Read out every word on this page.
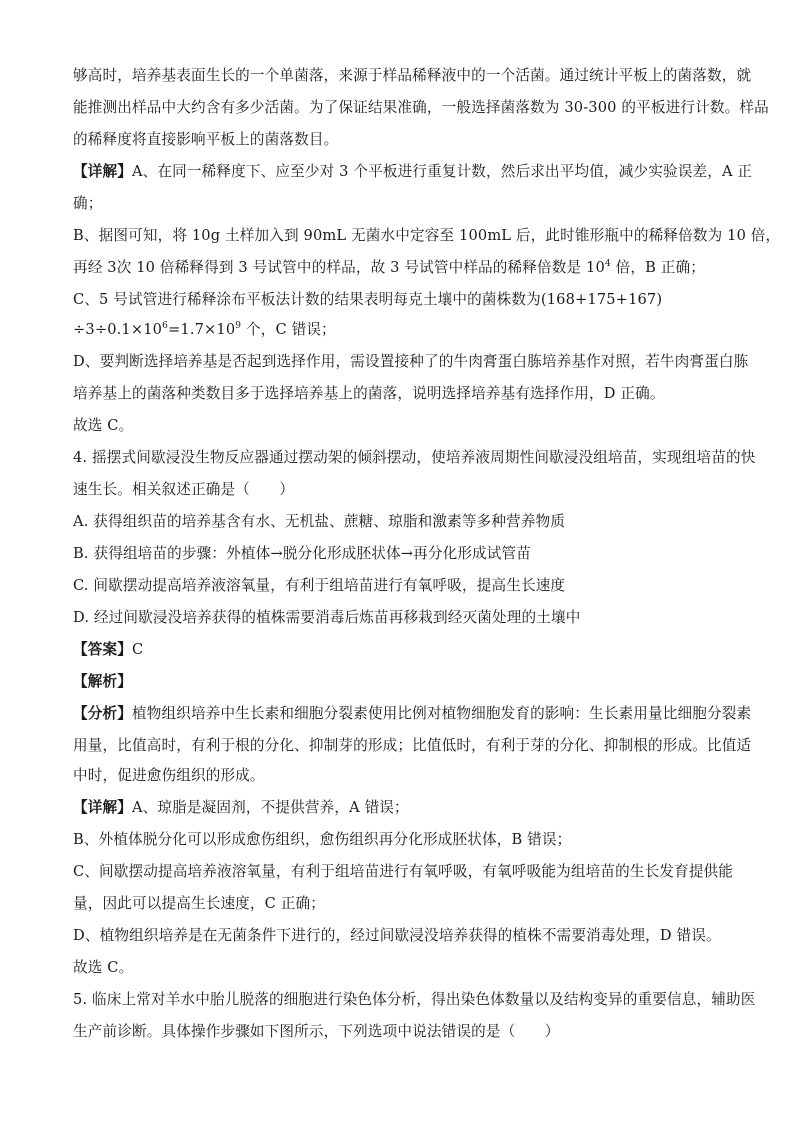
够高时，培养基表面生长的一个单菌落，来源于样品稀释液中的一个活菌。通过统计平板上的菌落数，就
能推测出样品中大约含有多少活菌。为了保证结果准确，一般选择菌落数为 30-300 的平板进行计数。样品
的稀释度将直接影响平板上的菌落数目。
【详解】A、在同一稀释度下、应至少对 3 个平板进行重复计数，然后求出平均值，减少实验误差，A 正
确；
B、据图可知，将 10g 土样加入到 90mL 无菌水中定容至 100mL 后，此时锥形瓶中的稀释倍数为 10 倍，
再经 3次 10 倍稀释得到 3 号试管中的样品，故 3 号试管中样品的稀释倍数是 $10^4$ 倍，B 正确；
C、5 号试管进行稀释涂布平板法计数的结果表明每克土壤中的菌株数为(168+175+167)
$\div 3\div 0.1\times 10^6=1.7\times 10^9$ 个，C 错误；
D、要判断选择培养基是否起到选择作用，需设置接种了的牛肉膏蛋白胨培养基作对照，若牛肉膏蛋白胨
培养基上的菌落种类数目多于选择培养基上的菌落，说明选择培养基有选择作用，D 正确。
故选 C。
4. 摇摆式间歇浸没生物反应器通过摆动架的倾斜摆动，使培养液周期性间歇浸没组培苗，实现组培苗的快
速生长。相关叙述正确是（　　）
A. 获得组织苗的培养基含有水、无机盐、蔗糖、琼脂和激素等多种营养物质
B. 获得组培苗的步骤：外植体→脱分化形成胚状体→再分化形成试管苗
C. 间歇摆动提高培养液溶氧量，有利于组培苗进行有氧呼吸，提高生长速度
D. 经过间歇浸没培养获得的植株需要消毒后炼苗再移栽到经灭菌处理的土壤中
【答案】C
【解析】
【分析】植物组织培养中生长素和细胞分裂素使用比例对植物细胞发育的影响：生长素用量比细胞分裂素
用量，比值高时，有利于根的分化、抑制芽的形成；比值低时，有利于芽的分化、抑制根的形成。比值适
中时，促进愈伤组织的形成。
【详解】A、琼脂是凝固剂，不提供营养，A 错误；
B、外植体脱分化可以形成愈伤组织，愈伤组织再分化形成胚状体，B 错误；
C、间歇摆动提高培养液溶氧量，有利于组培苗进行有氧呼吸，有氧呼吸能为组培苗的生长发育提供能
量，因此可以提高生长速度，C 正确；
D、植物组织培养是在无菌条件下进行的，经过间歇浸没培养获得的植株不需要消毒处理，D 错误。
故选 C。
5. 临床上常对羊水中胎儿脱落的细胞进行染色体分析，得出染色体数量以及结构变异的重要信息，辅助医
生产前诊断。具体操作步骤如下图所示，下列选项中说法错误的是（　　）
